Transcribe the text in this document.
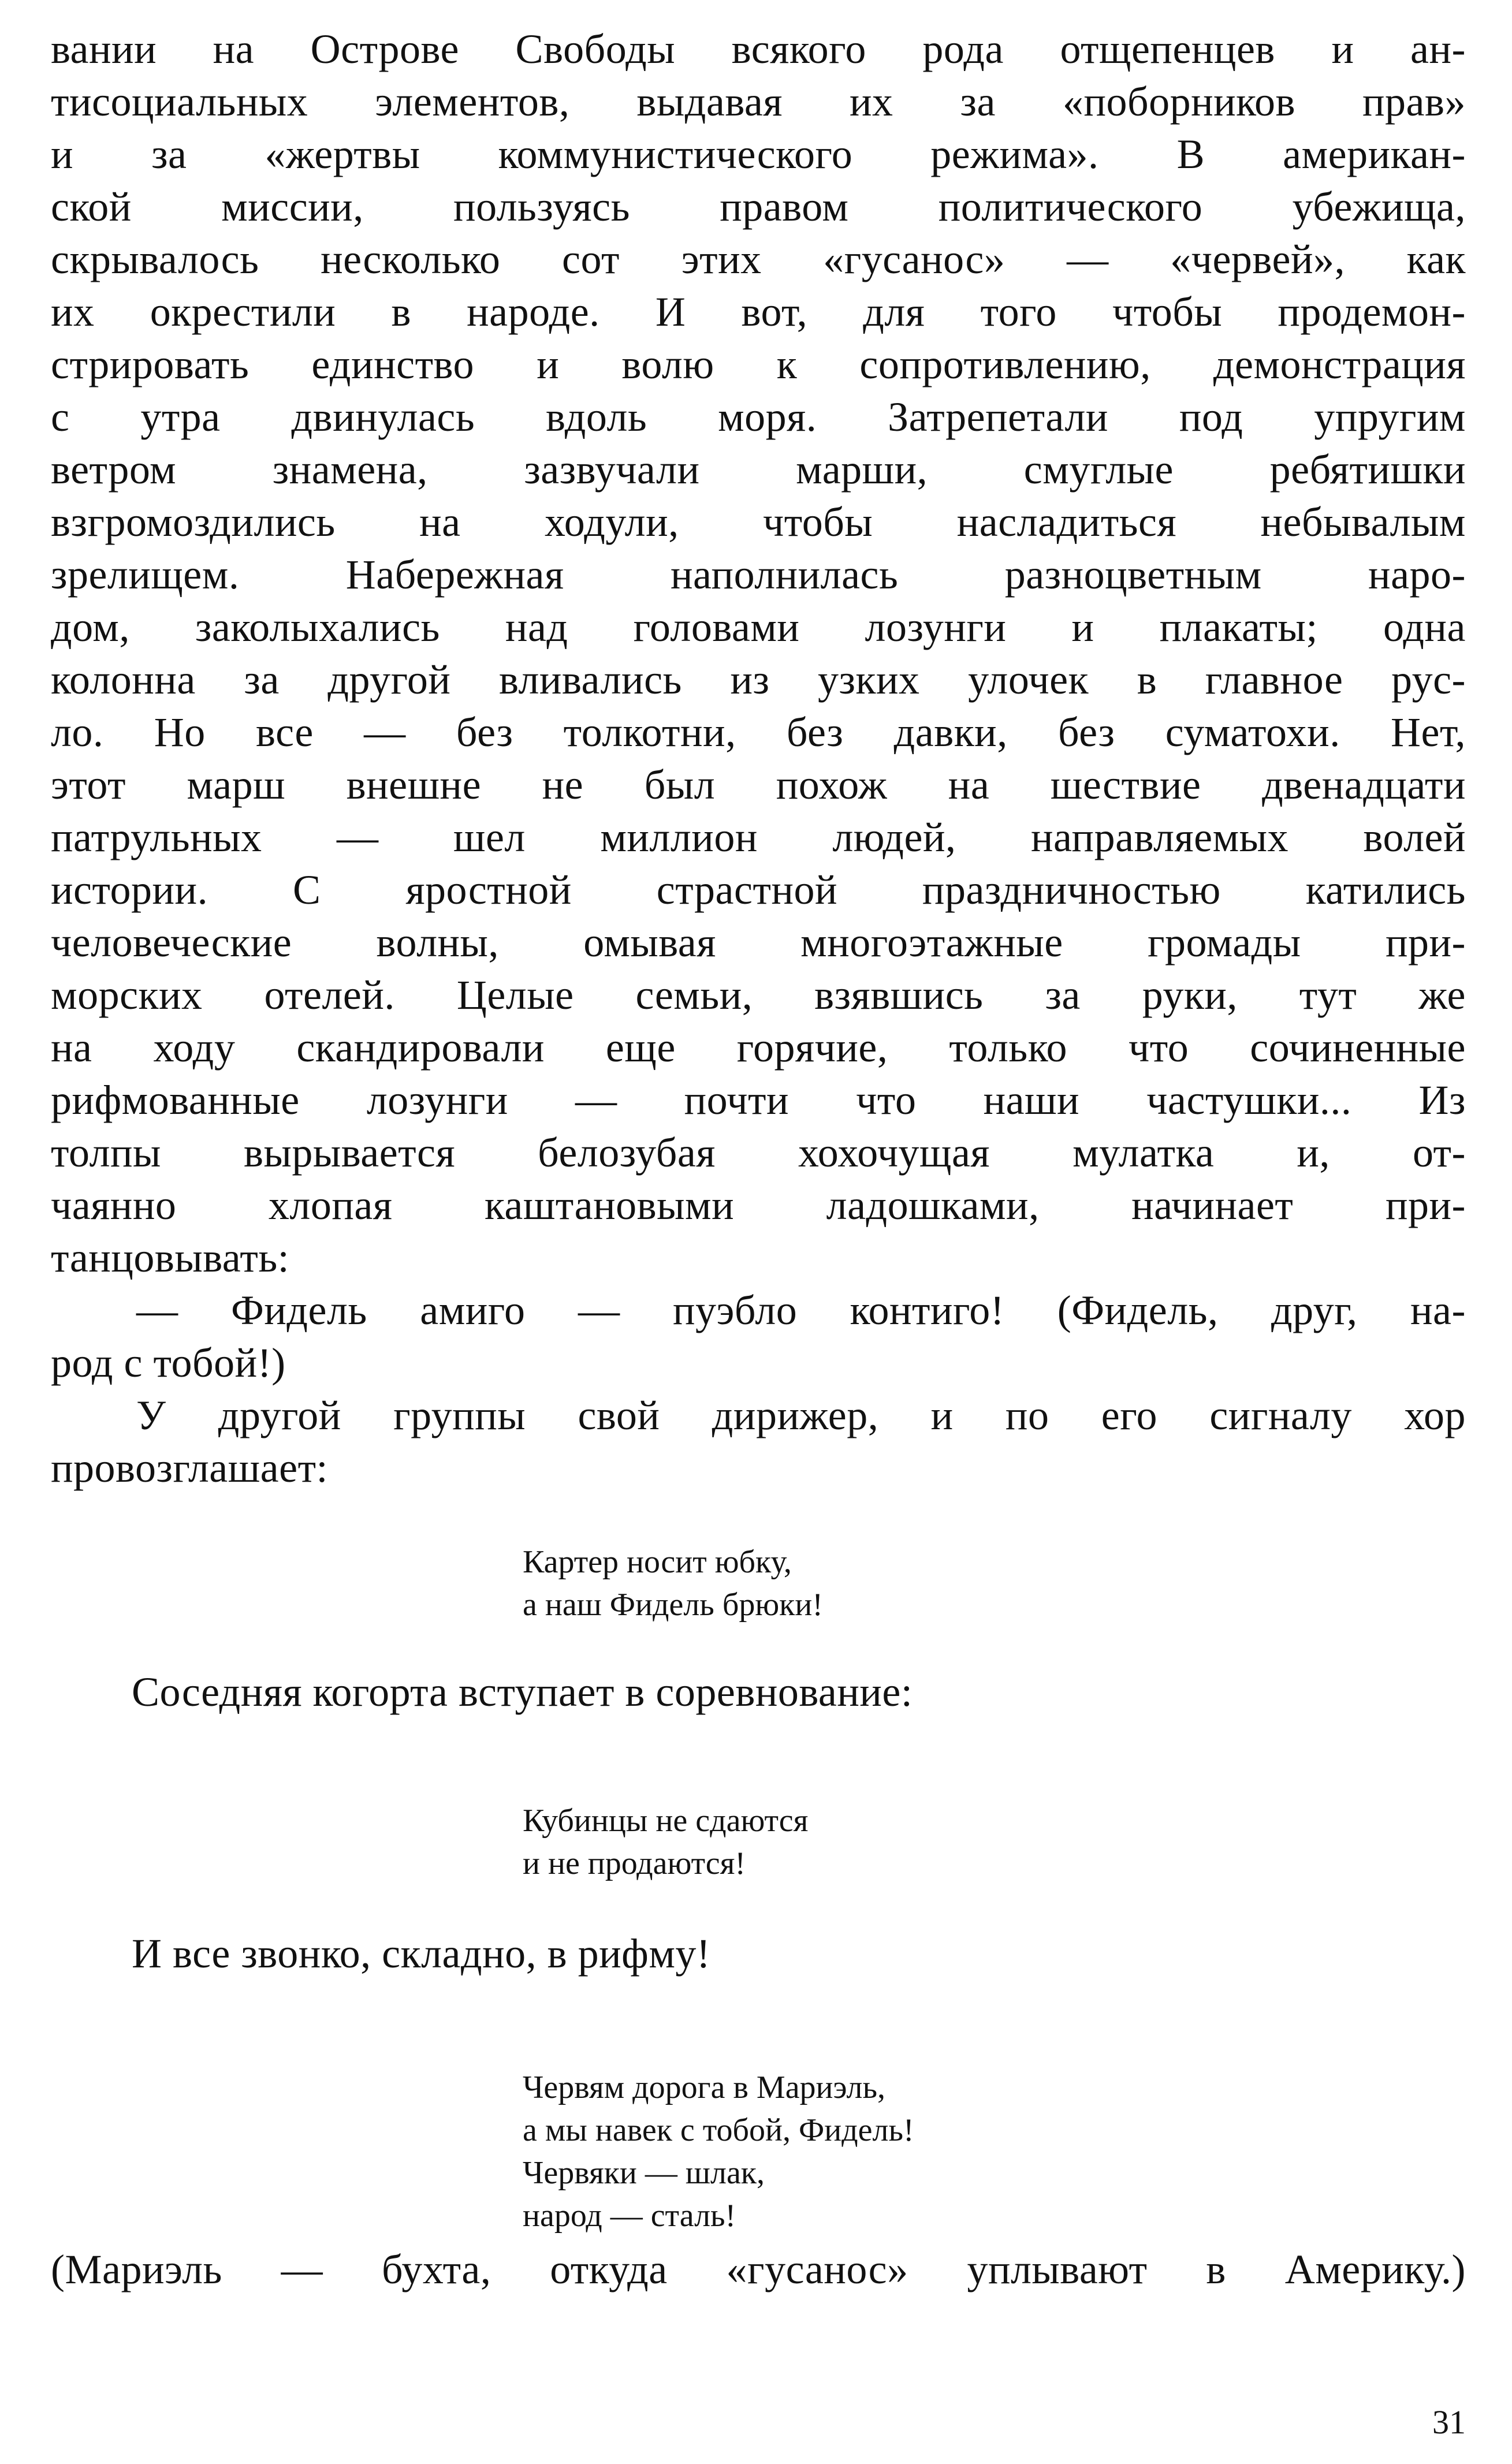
вании на Острове Свободы всякого рода отщепенцев и ан-
тисоциальных элементов, выдавая их за «поборников прав»
и за «жертвы коммунистического режима». В американ-
ской миссии, пользуясь правом политического убежища,
скрывалось несколько сот этих «гусанос» — «червей», как
их окрестили в народе. И вот, для того чтобы продемон-
стрировать единство и волю к сопротивлению, демонстрация
с утра двинулась вдоль моря. Затрепетали под упругим
ветром знамена, зазвучали марши, смуглые ребятишки
взгромоздились на ходули, чтобы насладиться небывалым
зрелищем. Набережная наполнилась разноцветным наро-
дом, заколыхались над головами лозунги и плакаты; одна
колонна за другой вливались из узких улочек в главное рус-
ло. Но все — без толкотни, без давки, без суматохи. Нет,
этот марш внешне не был похож на шествие двенадцати
патрульных — шел миллион людей, направляемых волей
истории. С яростной страстной праздничностью катились
человеческие волны, омывая многоэтажные громады при-
морских отелей. Целые семьи, взявшись за руки, тут же
на ходу скандировали еще горячие, только что сочиненные
рифмованные лозунги — почти что наши частушки... Из
толпы вырывается белозубая хохочущая мулатка и, от-
чаянно хлопая каштановыми ладошками, начинает при-
танцовывать:
— Фидель амиго — пуэбло контиго! (Фидель, друг, на-
род с тобой!)
У другой группы свой дирижер, и по его сигналу хор
провозглашает:
Картер носит юбку,
а наш Фидель брюки!
Соседняя когорта вступает в соревнование:
Кубинцы не сдаются
и не продаются!
И все звонко, складно, в рифму!
Червям дорога в Мариэль,
а мы навек с тобой, Фидель!
Червяки — шлак,
народ — сталь!
(Мариэль — бухта, откуда «гусанос» уплывают в Америку.)
31
